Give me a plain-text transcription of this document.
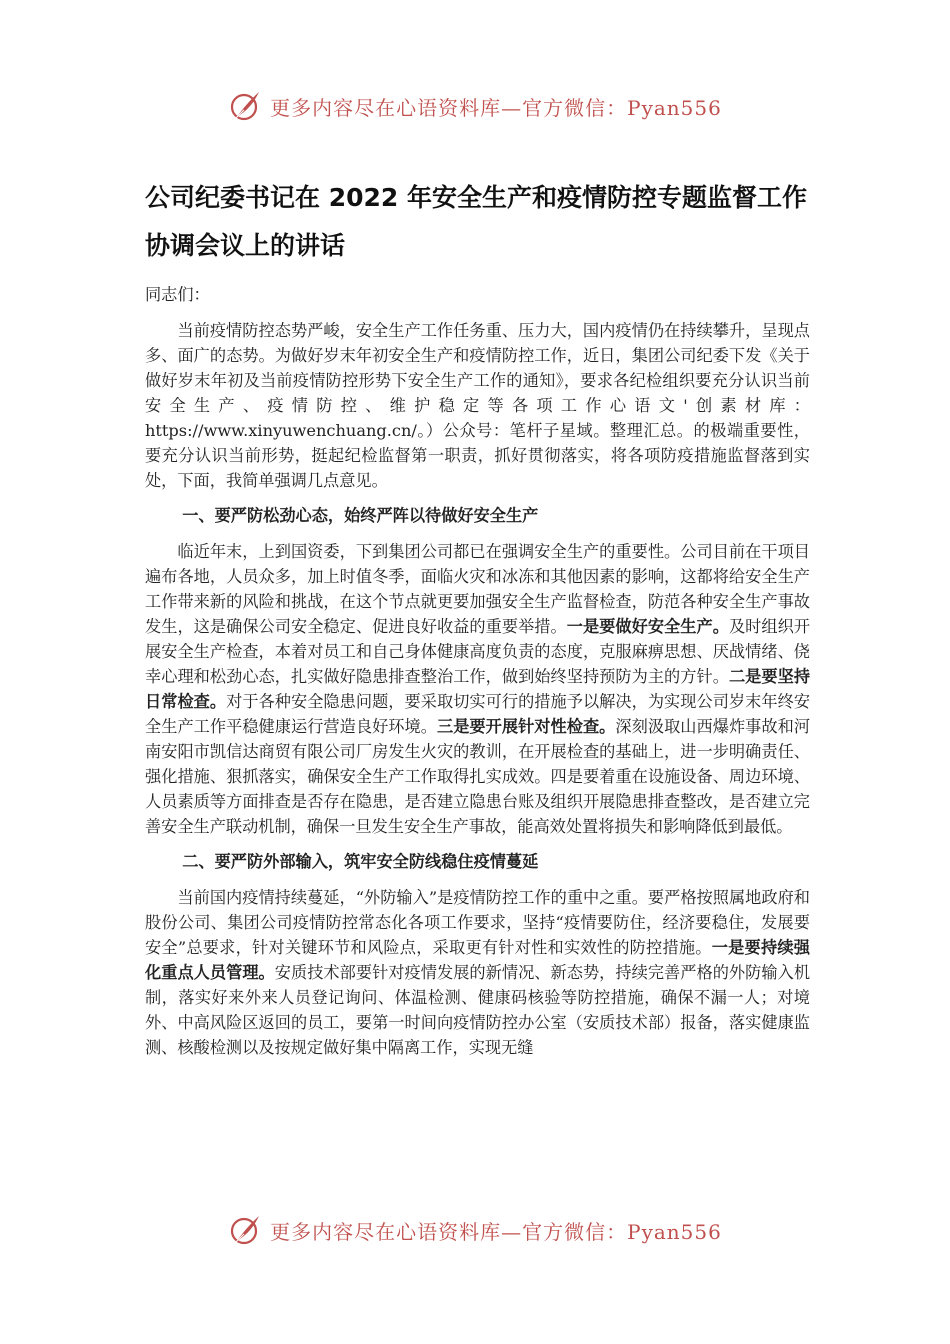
更多内容尽在心语资料库—官方微信：Pyan556
公司纪委书记在 2022 年安全生产和疫情防控专题监督工作协调会议上的讲话

同志们：

当前疫情防控态势严峻，安全生产工作任务重、压力大，国内疫情仍在持续攀升，呈现点多、面广的态势。为做好岁末年初安全生产和疫情防控工作，近日，集团公司纪委下发《关于做好岁末年初及当前疫情防控形势下安全生产工作的通知》，要求各纪检组织要充分认识当前安全生产、疫情防控、维护稳定等各项工作心语文'创素材库：https://www.xinyuwenchuang.cn/。）公众号：笔杆子星域。整理汇总。的极端重要性，要充分认识当前形势，挺起纪检监督第一职责，抓好贯彻落实，将各项防疫措施监督落到实处，下面，我简单强调几点意见。

一、要严防松劲心态，始终严阵以待做好安全生产

临近年末，上到国资委，下到集团公司都已在强调安全生产的重要性。公司目前在干项目遍布各地，人员众多，加上时值冬季，面临火灾和冰冻和其他因素的影响，这都将给安全生产工作带来新的风险和挑战，在这个节点就更要加强安全生产监督检查，防范各种安全生产事故发生，这是确保公司安全稳定、促进良好收益的重要举措。一是要做好安全生产。及时组织开展安全生产检查，本着对员工和自己身体健康高度负责的态度，克服麻痹思想、厌战情绪、侥幸心理和松劲心态，扎实做好隐患排查整治工作，做到始终坚持预防为主的方针。二是要坚持日常检查。对于各种安全隐患问题，要采取切实可行的措施予以解决，为实现公司岁末年终安全生产工作平稳健康运行营造良好环境。三是要开展针对性检查。深刻汲取山西爆炸事故和河南安阳市凯信达商贸有限公司厂房发生火灾的教训，在开展检查的基础上，进一步明确责任、强化措施、狠抓落实，确保安全生产工作取得扎实成效。四是要着重在设施设备、周边环境、人员素质等方面排查是否存在隐患，是否建立隐患台账及组织开展隐患排查整改，是否建立完善安全生产联动机制，确保一旦发生安全生产事故，能高效处置将损失和影响降低到最低。

二、要严防外部输入，筑牢安全防线稳住疫情蔓延

当前国内疫情持续蔓延，“外防输入”是疫情防控工作的重中之重。要严格按照属地政府和股份公司、集团公司疫情防控常态化各项工作要求，坚持“疫情要防住，经济要稳住，发展要安全”总要求，针对关键环节和风险点，采取更有针对性和实效性的防控措施。一是要持续强化重点人员管理。安质技术部要针对疫情发展的新情况、新态势，持续完善严格的外防输入机制，落实好来外来人员登记询问、体温检测、健康码核验等防控措施，确保不漏一人；对境外、中高风险区返回的员工，要第一时间向疫情防控办公室（安质技术部）报备，落实健康监测、核酸检测以及按规定做好集中隔离工作，实现无缝

更多内容尽在心语资料库—官方微信：Pyan556
